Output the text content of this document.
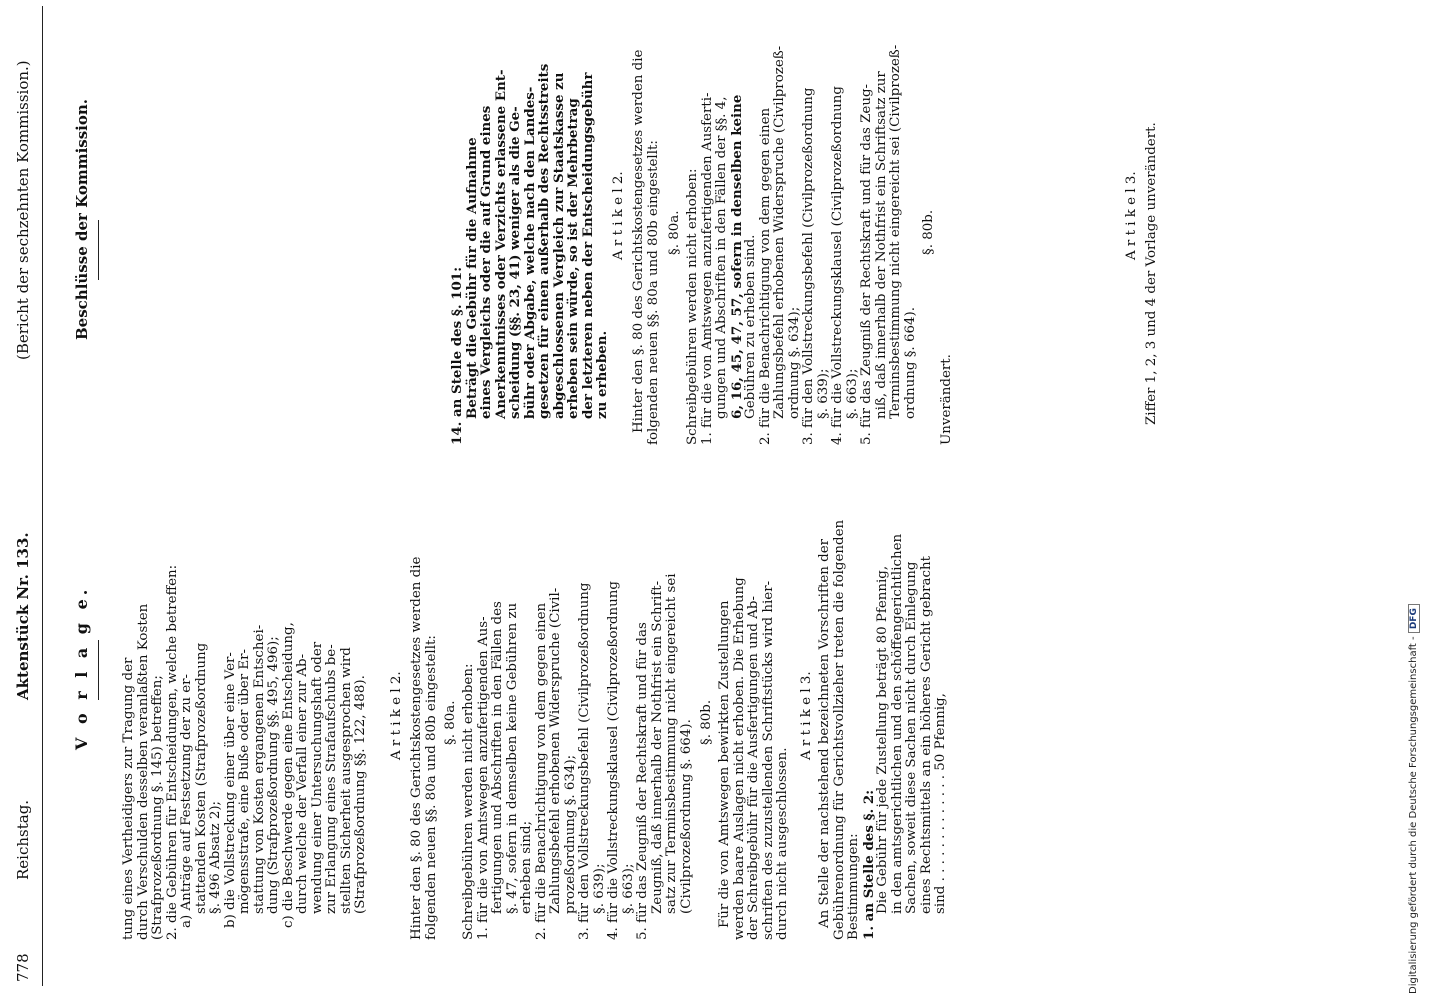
778
Reichstag.
Aktenstück Nr. 133.
(Bericht der sechzehnten Kommission.)
V o r l a g e. tung eines Vertheidigers zur Tragung der durch Verschulden desselben veranlaßten Kosten (Strafprozeßordnung §. 145) betreffen; 2. die Gebühren für Entscheidungen, welche betreffen: a) Anträge auf Festsetzung der zu er- stattenden Kosten (Strafprozeßordnung §. 496 Absatz 2); b) die Vollstreckung einer über eine Ver- mögensstrafe, eine Buße oder über Er- stattung von Kosten ergangenen Entschei- dung (Strafprozeßordnung §§. 495, 496); c) die Beschwerde gegen eine Entscheidung, durch welche der Verfall einer zur Ab- wendung einer Untersuchungshaft oder zur Erlangung eines Strafaufschubs be- stellten Sicherheit ausgesprochen wird (Strafprozeßordnung §§. 122, 488). A r t i k e l 2. Hinter den §. 80 des Gerichtskostengesetzes werden die folgenden neuen §§. 80a und 80b eingestellt: §. 80a. Schreibgebühren werden nicht erhoben: 1. für die von Amtswegen anzufertigenden Aus- fertigungen und Abschriften in den Fällen des §. 47, sofern in demselben keine Gebühren zu erheben sind; 2. für die Benachrichtigung von dem gegen einen Zahlungsbefehl erhobenen Widerspruche (Civil- prozeßordnung §. 634); 3. für den Vollstreckungsbefehl (Civilprozeßordnung §. 639); 4. für die Vollstreckungsklausel (Civilprozeßordnung §. 663); 5. für das Zeugniß der Rechtskraft und für das Zeugniß, daß innerhalb der Nothfrist ein Schrift- satz zur Terminsbestimmung nicht eingereicht sei (Civilprozeßordnung §. 664). §. 80b. Für die von Amtswegen bewirkten Zustellungen werden baare Auslagen nicht erhoben. Die Erhebung der Schreibgebühr für die Ausfertigungen und Ab- schriften des zuzustellenden Schriftstücks wird hier- durch nicht ausgeschlossen.
A r t i k e l 3. An Stelle der nachstehend bezeichneten Vorschriften der Gebührenordnung für Gerichtsvollzieher treten die folgenden Bestimmungen: 1. an Stelle des §. 2:
Die Gebühr für jede Zustellung beträgt 80 Pfennig, in den amtsgerichtlichen und den schöffengerichtlichen Sachen, soweit diese Sachen nicht durch Einlegung eines Rechtsmittels an ein höheres Gericht gebracht sind . . . . . . . . . . . . . 50 Pfennig,
Beschlüsse der Kommission.
14. an Stelle des §. 101:
Beträgt die Gebühr für die Aufnahme
eines Vergleichs oder die auf Grund eines
Anerkenntnisses oder Verzichts erlassene Ent-
scheidung (§§. 23, 41) weniger als die Ge-
bühr oder Abgabe, welche nach den Landes-
gesetzen für einen außerhalb des Rechtsstreits
abgeschlossenen Vergleich zur Staatskasse zu
erheben sein würde, so ist der Mehrbetrag
der letzteren neben der Entscheidungsgebühr
zu erheben.
A r t i k e l 2. Hinter den §. 80 des Gerichtskostengesetzes werden die folgenden neuen §§. 80a und 80b eingestellt: §. 80a. Schreibgebühren werden nicht erhoben: 1. für die von Amtswegen anzufertigenden Ausferti- gungen und Abschriften in den Fällen der §§. 4, 6, 16, 45, 47, 57, sofern in denselben keine
Gebühren zu erheben sind. 2. für die Benachrichtigung von dem gegen einen Zahlungsbefehl erhobenen Widerspruche (Civilprozeß- ordnung §. 634); 3. für den Vollstreckungsbefehl (Civilprozeßordnung §. 639); 4. für die Vollstreckungsklausel (Civilprozeßordnung §. 663); 5. für das Zeugniß der Rechtskraft und für das Zeug- niß, daß innerhalb der Nothfrist ein Schriftsatz zur Terminsbestimmung nicht eingereicht sei (Civilprozeß- ordnung §. 664).
§. 80b.
Unverändert.
A r t i k e l 3. Ziffer 1, 2, 3 und 4 der Vorlage unverändert.
Digitalisierung gefördert durch die Deutsche Forschungsgemeinschaft - DFG
